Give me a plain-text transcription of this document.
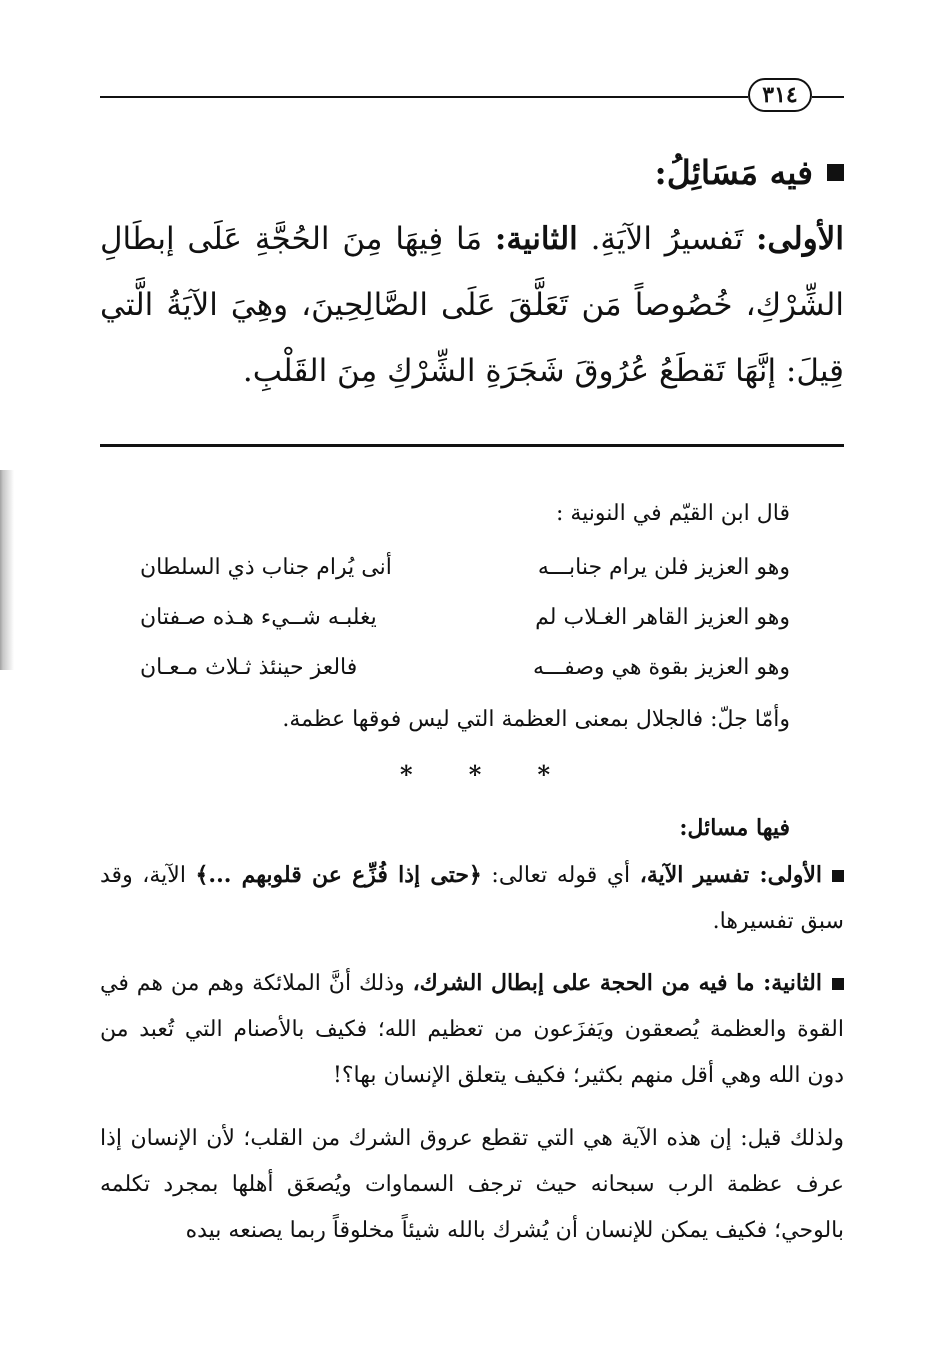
٣١٤
فيه مَسَائِلُ:
الأولى: تَفسيرُ الآيَةِ. الثانية: مَا فِيهَا مِنَ الحُجَّةِ عَلَى إبطَالِ الشِّرْكِ، خُصُوصاً مَن تَعَلَّقَ عَلَى الصَّالِحِينَ، وهِيَ الآيَةُ الَّتي قِيلَ: إنَّهَا تَقطَعُ عُرُوقَ شَجَرَةِ الشِّرْكِ مِنَ القَلْبِ.
قال ابن القيّم في النونية :
أنى يُرام جناب ذي السلطان	وهو العزيز فلن يرام جنابـــه
يغلبـه شــيء هـذه صـفتان	وهو العزيز القاهر الغـلاب لم
فالعز حينئذ ثـلاث مـعـان	وهو العزيز بقوة هي وصفـــه
وأمّا جلّ: فالجلال بمعنى العظمة التي ليس فوقها عظمة.
* * *
فيها مسائل:
الأولى: تفسير الآية، أي قوله تعالى: ﴿حتى إذا فُزِّع عن قلوبهم ...﴾ الآية، وقد سبق تفسيرها.
الثانية: ما فيه من الحجة على إبطال الشرك، وذلك أنَّ الملائكة وهم من هم في القوة والعظمة يُصعقون ويَفزَعون من تعظيم الله؛ فكيف بالأصنام التي تُعبد من دون الله وهي أقل منهم بكثير؛ فكيف يتعلق الإنسان بها؟!
ولذلك قيل: إن هذه الآية هي التي تقطع عروق الشرك من القلب؛ لأن الإنسان إذا عرف عظمة الرب سبحانه حيث ترجف السماوات ويُصعَق أهلها بمجرد تكلمه بالوحي؛ فكيف يمكن للإنسان أن يُشرك بالله شيئاً مخلوقاً ربما يصنعه بيده
